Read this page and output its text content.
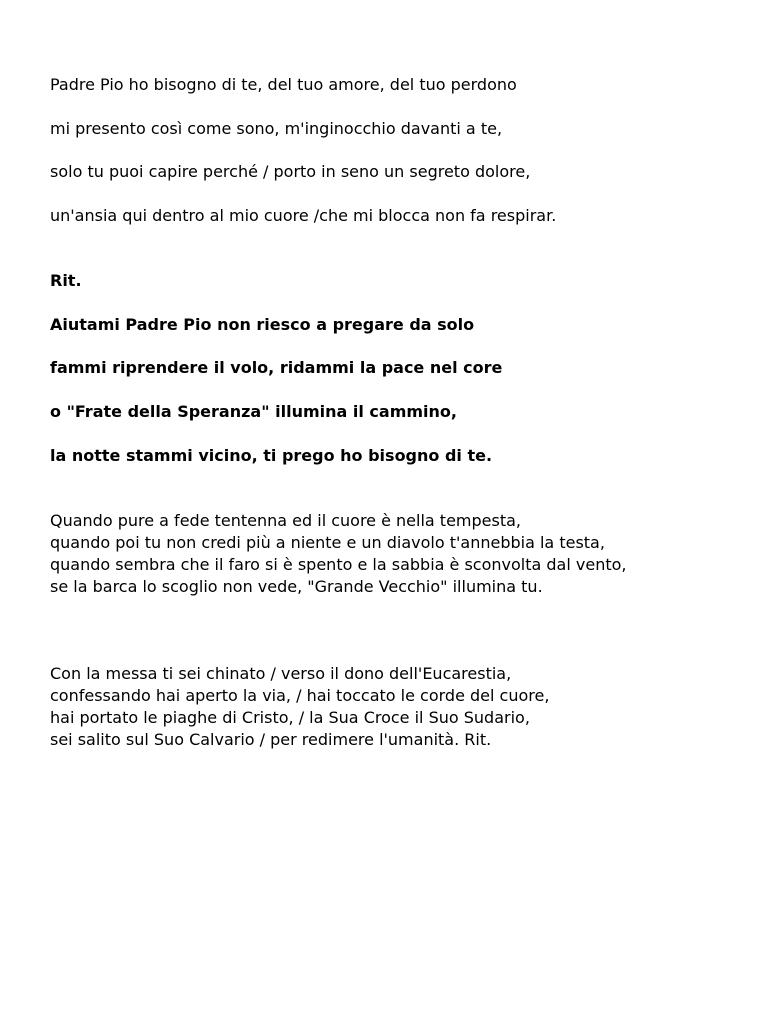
Padre Pio ho bisogno di te, del tuo amore, del tuo perdono
mi presento così come sono, m'inginocchio davanti a te,
solo tu puoi capire perché / porto in seno un segreto dolore,
un'ansia qui dentro al mio cuore /che mi blocca non fa respirar.
Rit.
Aiutami Padre Pio non riesco a pregare da solo
fammi riprendere il volo, ridammi la pace nel core
o "Frate della Speranza" illumina il cammino,
la notte stammi vicino, ti prego ho bisogno di te.
Quando pure a fede tentenna ed il cuore è nella tempesta,
quando poi tu non credi più a niente e un diavolo t'annebbia la testa,
quando sembra che il faro si è spento e la sabbia è sconvolta dal vento,
se la barca lo scoglio non vede, "Grande Vecchio" illumina tu.
Con la messa ti sei chinato / verso il dono dell'Eucarestia,
confessando hai aperto la via, / hai toccato le corde del cuore,
hai portato le piaghe di Cristo, / la Sua Croce il Suo Sudario,
sei salito sul Suo Calvario / per redimere l'umanità. Rit.
